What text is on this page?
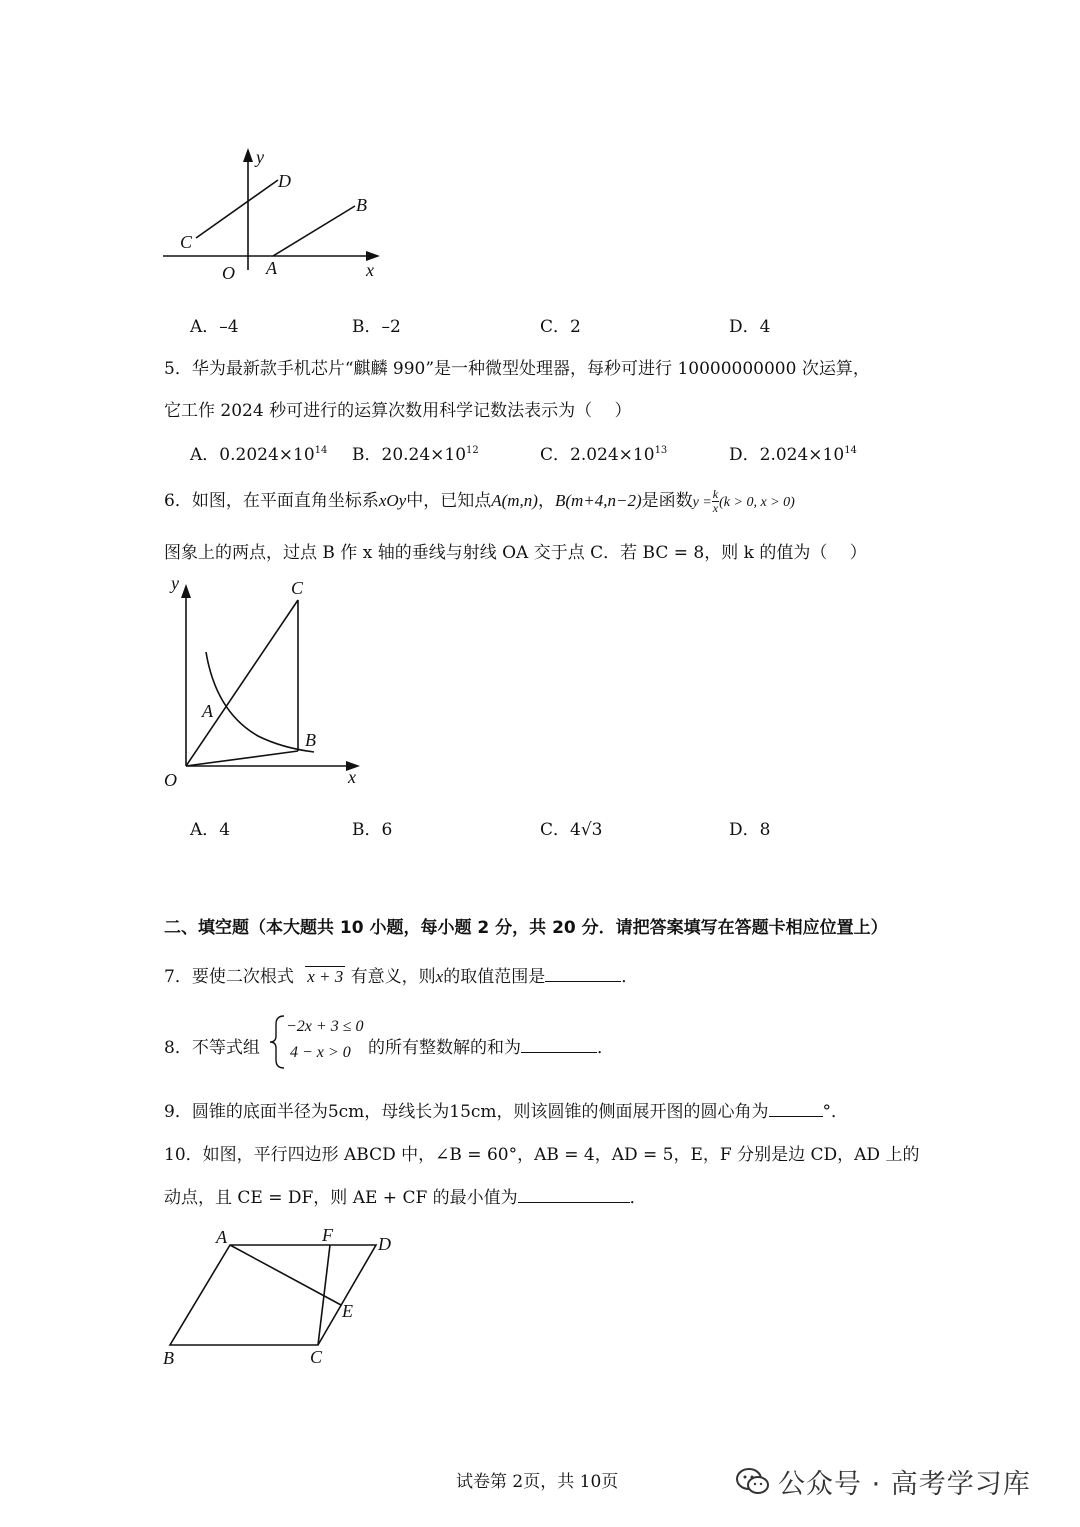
y
x
O A
B
C
D
A．–4	B．–2	C．2	D．4
5．华为最新款手机芯片“麒麟 990”是一种微型处理器，每秒可进行 10000000000 次运算，
它工作 2024 秒可进行的运算次数用科学记数法表示为（　 ）
A．$0.2024\times 10^{14}$ B．$20.24\times 10^{12}$	C．$2.024\times 10^{13}$	D．$2.024\times 10^{14}$
6．如图，在平面直角坐标系xOy中，已知点A(m,n)，B(m+4,n−2)是函数$y = \frac{k}{x} (k > 0$, x > 0)
图象上的两点，过点 B 作 x 轴的垂线与射线 OA 交于点 C．若 BC = 8，则 k 的值为（　 ）
y
x
O
A
B
C
A．4	B．6	C．4√3	D．8
二、填空题（本大题共 10 小题，每小题 2 分，共 20 分．请把答案填写在答题卡相应位置上）
7．要使二次根式 x + 3 有意义，则x的取值范围是	．
8．不等式组
−2x + 3 ≤ 0
4 − x > 0	的所有整数解的和为	．
9．圆锥的底面半径为5cm，母线长为15cm，则该圆锥的侧面展开图的圆心角为	°．
10．如图，平行四边形 ABCD 中，∠B = 60°，AB = 4，AD = 5，E，F 分别是边 CD，AD 上的
动点，且 CE = DF，则 AE + CF 的最小值为	．
A	F	D
E
B	C
试卷第 2页，共 10页	公众号 · 高考学习库
